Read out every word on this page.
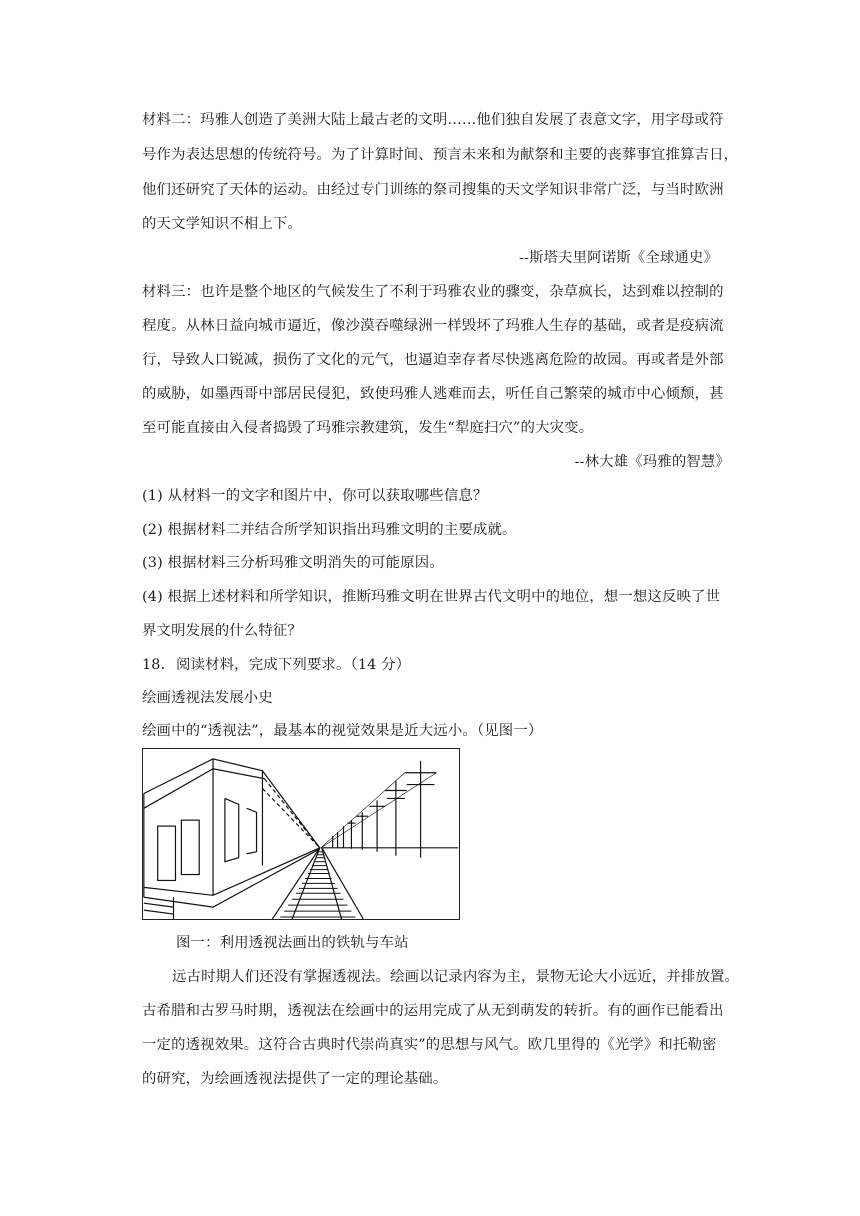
材料二：玛雅人创造了美洲大陆上最古老的文明……他们独自发展了表意文字，用字母或符
号作为表达思想的传统符号。为了计算时间、预言未来和为献祭和主要的丧葬事宜推算吉日，
他们还研究了天体的运动。由经过专门训练的祭司搜集的天文学知识非常广泛，与当时欧洲
的天文学知识不相上下。
--斯塔夫里阿诺斯《全球通史》
材料三：也许是整个地区的气候发生了不利于玛雅农业的骤变，杂草疯长，达到难以控制的
程度。从林日益向城市逼近，像沙漠吞噬绿洲一样毁坏了玛雅人生存的基础，或者是疫病流
行，导致人口锐减，损伤了文化的元气，也逼迫幸存者尽快逃离危险的故园。再或者是外部
的威胁，如墨西哥中部居民侵犯，致使玛雅人逃难而去，听任自己繁荣的城市中心倾颓，甚
至可能直接由入侵者捣毁了玛雅宗教建筑，发生“犁庭扫穴”的大灾变。
--林大雄《玛雅的智慧》
(1) 从材料一的文字和图片中，你可以获取哪些信息？
(2) 根据材料二并结合所学知识指出玛雅文明的主要成就。
(3) 根据材料三分析玛雅文明消失的可能原因。
(4) 根据上述材料和所学知识，推断玛雅文明在世界古代文明中的地位，想一想这反映了世
界文明发展的什么特征？
18. 阅读材料，完成下列要求。（14 分）
绘画透视法发展小史
绘画中的“透视法”，最基本的视觉效果是近大远小。（见图一）
图一：利用透视法画出的铁轨与车站
远古时期人们还没有掌握透视法。绘画以记录内容为主，景物无论大小远近，并排放置。
古希腊和古罗马时期，透视法在绘画中的运用完成了从无到萌发的转折。有的画作已能看出
一定的透视效果。这符合古典时代崇尚真实”的思想与风气。欧几里得的《光学》和托勒密
的研究，为绘画透视法提供了一定的理论基础。
